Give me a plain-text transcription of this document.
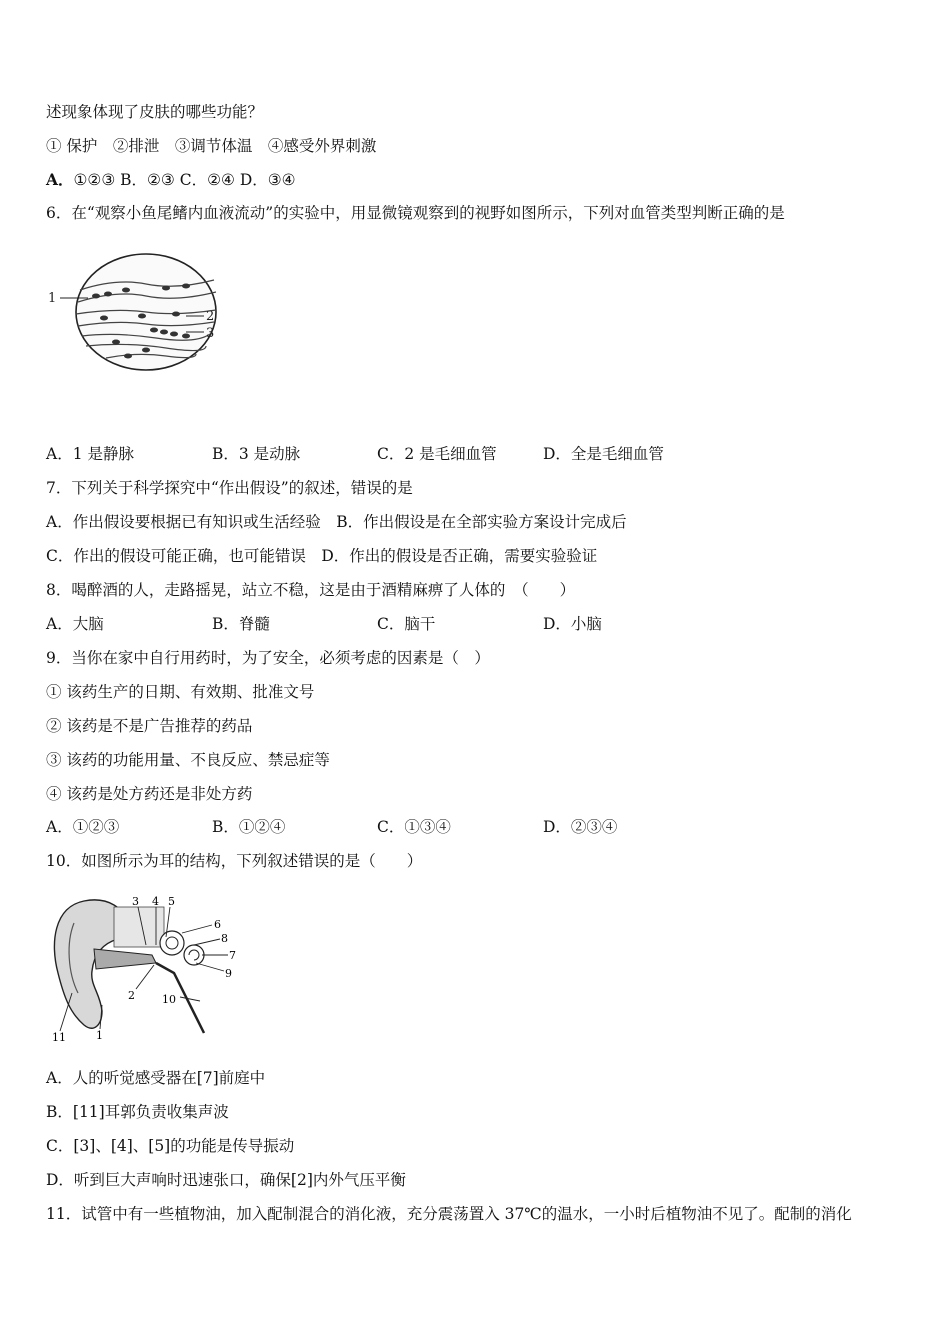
述现象体现了皮肤的哪些功能？
① 保护　②排泄　③调节体温　④感受外界刺激
A．①②③ B．②③ C．②④ D．③④
6．在“观察小鱼尾鳍内血液流动”的实验中，用显微镜观察到的视野如图所示，下列对血管类型判断正确的是
1
2
3
A．1 是静脉	B．3 是动脉	C．2 是毛细血管	D．全是毛细血管
7．下列关于科学探究中“作出假设”的叙述，错误的是
A．作出假设要根据已有知识或生活经验　B．作出假设是在全部实验方案设计完成后
C．作出的假设可能正确，也可能错误　D．作出的假设是否正确，需要实验验证
8．喝醉酒的人，走路摇晃，站立不稳，这是由于酒精麻痹了人体的　（　　）
A．大脑	B．脊髓	C．脑干	D．小脑
9．当你在家中自行用药时，为了安全，必须考虑的因素是（　）
① 该药生产的日期、有效期、批准文号
② 该药是不是广告推荐的药品
③ 该药的功能用量、不良反应、禁忌症等
④ 该药是处方药还是非处方药
A．①②③	B．①②④	C．①③④	D．②③④
10．如图所示为耳的结构，下列叙述错误的是（　　）
3 4 5
6
8
7
9
2 10
11	1
A．人的听觉感受器在[7]前庭中
B．[11]耳郭负责收集声波
C．[3]、[4]、[5]的功能是传导振动
D．听到巨大声响时迅速张口，确保[2]内外气压平衡
11．试管中有一些植物油，加入配制混合的消化液，充分震荡置入 37℃的温水，一小时后植物油不见了。配制的消化
